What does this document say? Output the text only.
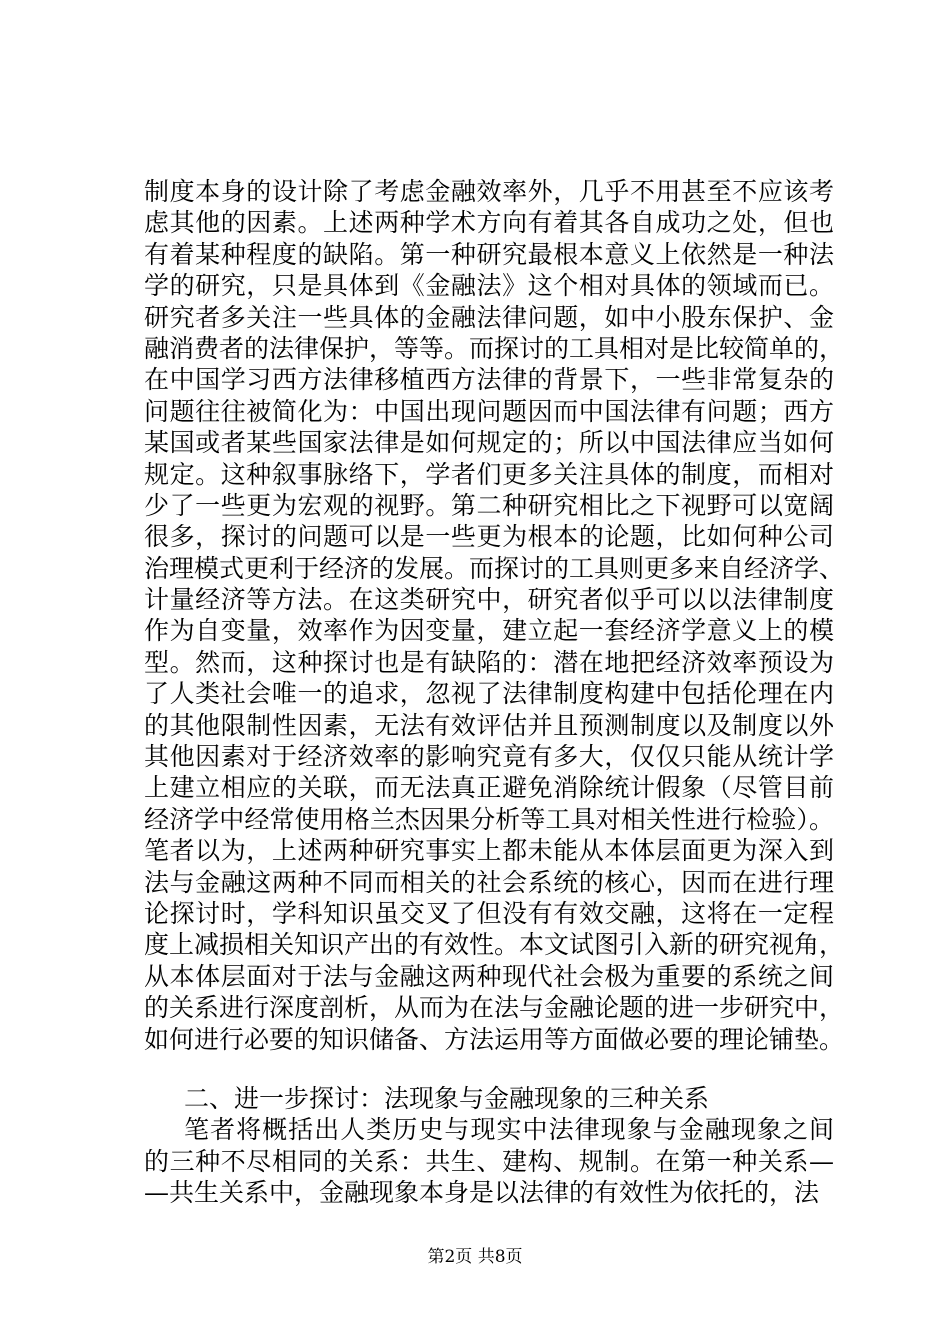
制度本身的设计除了考虑金融效率外，几乎不用甚至不应该考
虑其他的因素。上述两种学术方向有着其各自成功之处，但也
有着某种程度的缺陷。第一种研究最根本意义上依然是一种法
学的研究，只是具体到《金融法》这个相对具体的领域而已。
研究者多关注一些具体的金融法律问题，如中小股东保护、金
融消费者的法律保护，等等。而探讨的工具相对是比较简单的，
在中国学习西方法律移植西方法律的背景下，一些非常复杂的
问题往往被简化为：中国出现问题因而中国法律有问题；西方
某国或者某些国家法律是如何规定的；所以中国法律应当如何
规定。这种叙事脉络下，学者们更多关注具体的制度，而相对
少了一些更为宏观的视野。第二种研究相比之下视野可以宽阔
很多，探讨的问题可以是一些更为根本的论题，比如何种公司
治理模式更利于经济的发展。而探讨的工具则更多来自经济学、
计量经济等方法。在这类研究中，研究者似乎可以以法律制度
作为自变量，效率作为因变量，建立起一套经济学意义上的模
型。然而，这种探讨也是有缺陷的：潜在地把经济效率预设为
了人类社会唯一的追求，忽视了法律制度构建中包括伦理在内
的其他限制性因素，无法有效评估并且预测制度以及制度以外
其他因素对于经济效率的影响究竟有多大，仅仅只能从统计学
上建立相应的关联，而无法真正避免消除统计假象（尽管目前
经济学中经常使用格兰杰因果分析等工具对相关性进行检验）。
笔者以为，上述两种研究事实上都未能从本体层面更为深入到
法与金融这两种不同而相关的社会系统的核心，因而在进行理
论探讨时，学科知识虽交叉了但没有有效交融，这将在一定程
度上减损相关知识产出的有效性。本文试图引入新的研究视角，
从本体层面对于法与金融这两种现代社会极为重要的系统之间
的关系进行深度剖析，从而为在法与金融论题的进一步研究中，
如何进行必要的知识储备、方法运用等方面做必要的理论铺垫。
二、进一步探讨：法现象与金融现象的三种关系
笔者将概括出人类历史与现实中法律现象与金融现象之间
的三种不尽相同的关系：共生、建构、规制。在第一种关系—
—共生关系中，金融现象本身是以法律的有效性为依托的，法
第2页 共8页
